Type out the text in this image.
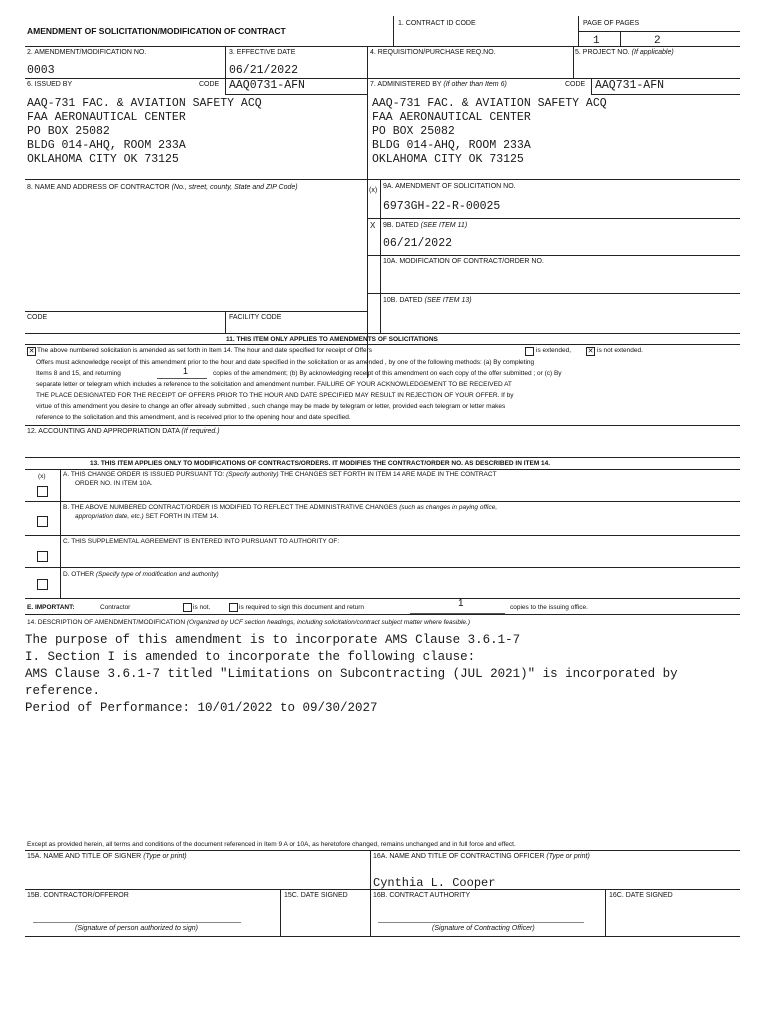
AMENDMENT OF SOLICITATION/MODIFICATION OF CONTRACT
1. CONTRACT ID CODE	PAGE OF PAGES
1	2
2. AMENDMENT/MODIFICATION NO.	3. EFFECTIVE DATE	4. REQUISITION/PURCHASE REQ.NO.	5. PROJECT NO. (If applicable)
0003	06/21/2022
6. ISSUED BY	CODE AAQ0731-AFN	7. ADMINISTERED BY (If other than Item 6)	CODE AAQ731-AFN
AAQ-731 FAC. & AVIATION SAFETY ACQ
FAA AERONAUTICAL CENTER
PO BOX 25082
BLDG 014-AHQ, ROOM 233A
OKLAHOMA CITY OK 73125
AAQ-731 FAC. & AVIATION SAFETY ACQ
FAA AERONAUTICAL CENTER
PO BOX 25082
BLDG 014-AHQ, ROOM 233A
OKLAHOMA CITY OK 73125
8. NAME AND ADDRESS OF CONTRACTOR (No., street, county, State and ZIP Code)	(x)
9A. AMENDMENT OF SOLICITATION NO.
6973GH-22-R-00025
X 9B. DATED (SEE ITEM 11)
06/21/2022
10A. MODIFICATION OF CONTRACT/ORDER NO.
10B. DATED (SEE ITEM 13)
CODE	FACILITY CODE
11. THIS ITEM ONLY APPLIES TO AMENDMENTS OF SOLICITATIONS
✕ The above numbered solicitation is amended as set forth in Item 14. The hour and date specified for receipt of Offers	is extended, ✕ is not extended.
Offers must acknowledge receipt of this amendment prior to the hour and date specified in the solicitation or as amended , by one of the following methods: (a) By completing
Items 8 and 15, and returning	1	copies of the amendment; (b) By acknowledging receipt of this amendment on each copy of the offer submitted ; or (c) By
separate letter or telegram which includes a reference to the solicitation and amendment number. FAILURE OF YOUR ACKNOWLEDGEMENT TO BE RECEIVED AT
THE PLACE DESIGNATED FOR THE RECEIPT OF OFFERS PRIOR TO THE HOUR AND DATE SPECIFIED MAY RESULT IN REJECTION OF YOUR OFFER. If by
virtue of this amendment you desire to change an offer already submitted , such change may be made by telegram or letter, provided each telegram or letter makes
reference to the solicitation and this amendment, and is received prior to the opening hour and date specified.
12. ACCOUNTING AND APPROPRIATION DATA (If required.)
13. THIS ITEM APPLIES ONLY TO MODIFICATIONS OF CONTRACTS/ORDERS. IT MODIFIES THE CONTRACT/ORDER NO. AS DESCRIBED IN ITEM 14.
(x)	A. THIS CHANGE ORDER IS ISSUED PURSUANT TO: (Specify authority) THE CHANGES SET FORTH IN ITEM 14 ARE MADE IN THE CONTRACT
ORDER NO. IN ITEM 10A.
B. THE ABOVE NUMBERED CONTRACT/ORDER IS MODIFIED TO REFLECT THE ADMINISTRATIVE CHANGES (such as changes in paying office,
appropriation date, etc.) SET FORTH IN ITEM 14.
C. THIS SUPPLEMENTAL AGREEMENT IS ENTERED INTO PURSUANT TO AUTHORITY OF:
D. OTHER (Specify type of modification and authority)
E. IMPORTANT:	Contractor	is not.	is required to sign this document and return	1	copies to the issuing office.
14. DESCRIPTION OF AMENDMENT/MODIFICATION (Organized by UCF section headings, including solicitation/contract subject matter where feasible.)
The purpose of this amendment is to incorporate AMS Clause 3.6.1-7
I. Section I is amended to incorporate the following clause:
AMS Clause 3.6.1-7 titled "Limitations on Subcontracting (JUL 2021)" is incorporated by
reference.
Period of Performance: 10/01/2022 to 09/30/2027
Except as provided herein, all terms and conditions of the document referenced in Item 9 A or 10A, as heretofore changed, remains unchanged and in full force and effect.
15A. NAME AND TITLE OF SIGNER (Type or print)	16A. NAME AND TITLE OF CONTRACTING OFFICER (Type or print)
Cynthia L. Cooper
15B. CONTRACTOR/OFFEROR	15C. DATE SIGNED	16B. CONTRACT AUTHORITY	16C. DATE SIGNED
(Signature of person authorized to sign)	(Signature of Contracting Officer)
